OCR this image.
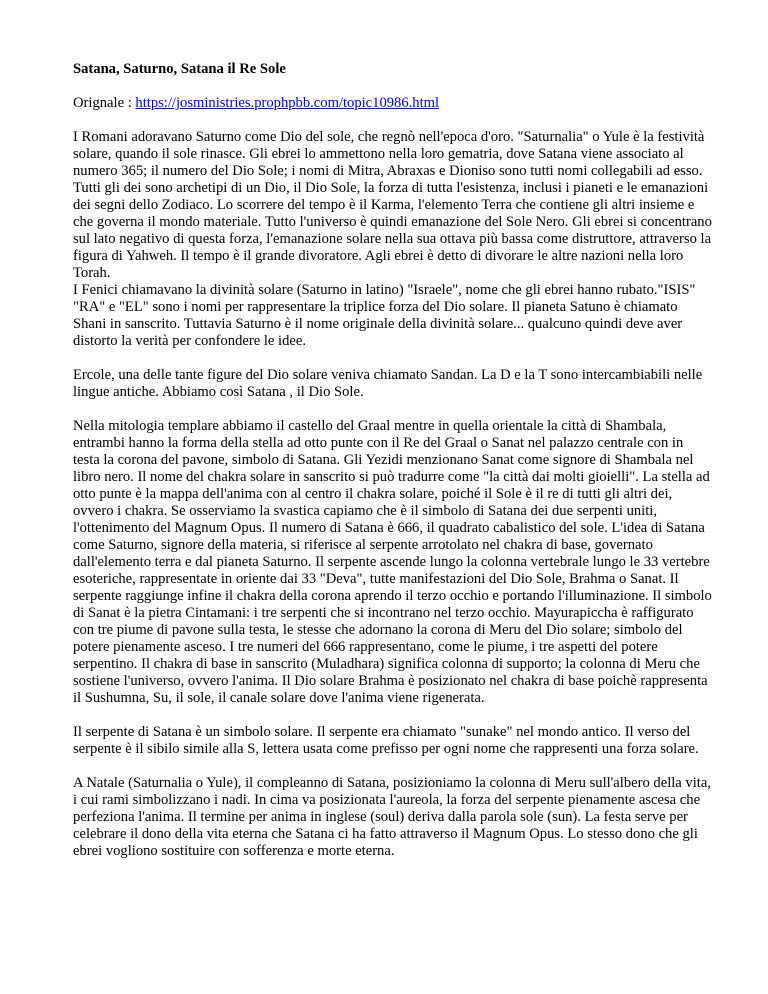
Satana, Saturno, Satana il Re Sole

Orignale : https://josministries.prophpbb.com/topic10986.html

I Romani adoravano Saturno come Dio del sole, che regnò nell'epoca d'oro. "Saturnalia" o Yule è la festività solare, quando il sole rinasce. Gli ebrei lo ammettono nella loro gematria, dove Satana viene associato al numero 365; il numero del Dio Sole; i nomi di Mitra, Abraxas e Dioniso sono tutti nomi collegabili ad esso. Tutti gli dei sono archetipi di un Dio, il Dio Sole, la forza di tutta l'esistenza, inclusi i pianeti e le emanazioni dei segni dello Zodiaco. Lo scorrere del tempo è il Karma, l'elemento Terra che contiene gli altri insieme e che governa il mondo materiale. Tutto l'universo è quindi emanazione del Sole Nero. Gli ebrei si concentrano sul lato negativo di questa forza, l'emanazione solare nella sua ottava più bassa come distruttore, attraverso la figura di Yahweh. Il tempo è il grande divoratore. Agli ebrei è detto di divorare le altre nazioni nella loro Torah.

I Fenici chiamavano la divinità solare (Saturno in latino) "Israele", nome che gli ebrei hanno rubato."ISIS" "RA" e "EL" sono i nomi per rappresentare la triplice forza del Dio solare. Il pianeta Satuno è chiamato Shani in sanscrito. Tuttavia Saturno è il nome originale della divinità solare... qualcuno quindi deve aver distorto la verità per confondere le idee.

Ercole, una delle tante figure del Dio solare veniva chiamato Sandan. La D e la T sono intercambiabili nelle lingue antiche. Abbiamo così Satana , il Dio Sole.

Nella mitologia templare abbiamo il castello del Graal mentre in quella orientale la città di Shambala, entrambi hanno la forma della stella ad otto punte con il Re del Graal o Sanat nel palazzo centrale con in testa la corona del pavone, simbolo di Satana. Gli Yezidi menzionano Sanat come signore di Shambala nel libro nero. Il nome del chakra solare in sanscrito si può tradurre come "la città dai molti gioielli". La stella ad otto punte è la mappa dell'anima con al centro il chakra solare, poiché il Sole è il re di tutti gli altri dei, ovvero i chakra. Se osserviamo la svastica capiamo che è il simbolo di Satana dei due serpenti uniti, l'ottenimento del Magnum Opus. Il numero di Satana è 666, il quadrato cabalistico del sole. L'idea di Satana come Saturno, signore della materia, si riferisce al serpente arrotolato nel chakra di base, governato dall'elemento terra e dal pianeta Saturno. Il serpente ascende lungo la colonna vertebrale lungo le 33 vertebre esoteriche, rappresentate in oriente dai 33 "Deva", tutte manifestazioni del Dio Sole, Brahma o Sanat. Il serpente raggiunge infine il chakra della corona aprendo il terzo occhio e portando l'illuminazione. Il simbolo di Sanat è la pietra Cintamani: i tre serpenti che si incontrano nel terzo occhio. Mayurapiccha è raffigurato con tre piume di pavone sulla testa, le stesse che adornano la corona di Meru del Dio solare; simbolo del potere pienamente asceso. I tre numeri del 666 rappresentano, come le piume, i tre aspetti del potere serpentino. Il chakra di base in sanscrito (Muladhara) significa colonna di supporto; la colonna di Meru che sostiene l'universo, ovvero l'anima. Il Dio solare Brahma è posizionato nel chakra di base poichè rappresenta il Sushumna, Su, il sole, il canale solare dove l'anima viene rigenerata.

Il serpente di Satana è un simbolo solare. Il serpente era chiamato "sunake" nel mondo antico. Il verso del serpente è il sibilo simile alla S, lettera usata come prefisso per ogni nome che rappresenti una forza solare.

A Natale (Saturnalia o Yule), il compleanno di Satana, posizioniamo la colonna di Meru sull'albero della vita, i cui rami simbolizzano i nadi. In cima va posizionata l'aureola, la forza del serpente pienamente ascesa che perfeziona l'anima. Il termine per anima in inglese (soul) deriva dalla parola sole (sun). La festa serve per celebrare il dono della vita eterna che Satana ci ha fatto attraverso il Magnum Opus. Lo stesso dono che gli ebrei vogliono sostituire con sofferenza e morte eterna.
